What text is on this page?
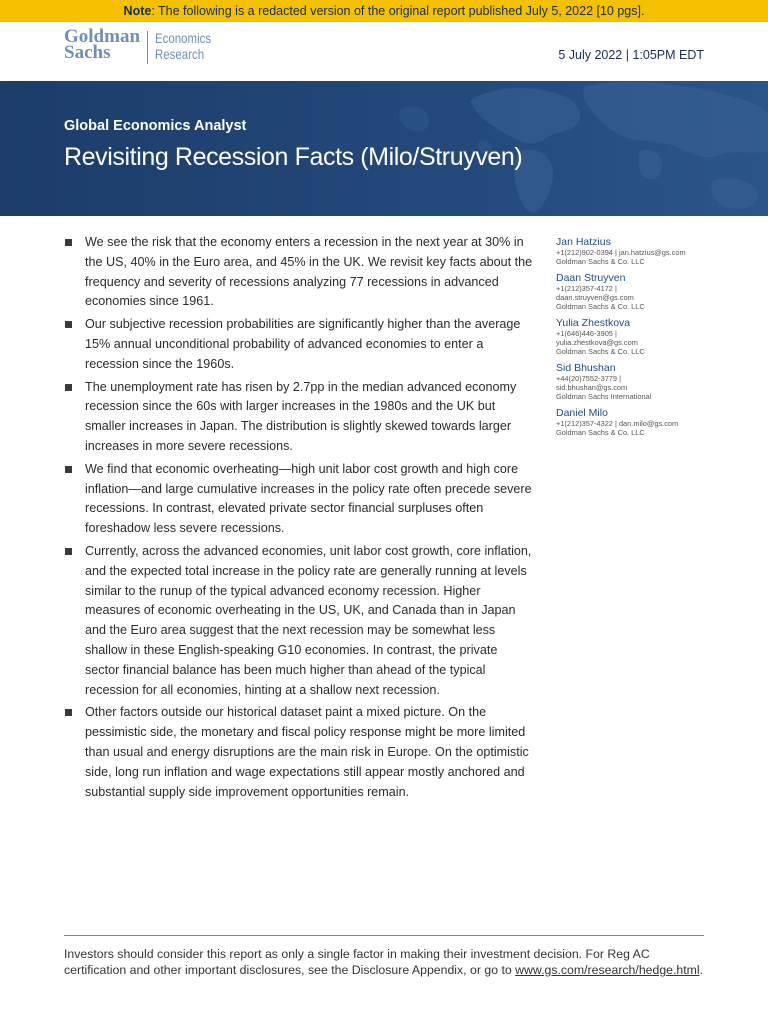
Note: The following is a redacted version of the original report published July 5, 2022 [10 pgs].
Goldman
Sachs
Economics
Research	5 July 2022 | 1:05PM EDT
Global Economics Analyst
Revisiting Recession Facts (Milo/Struyven)
We see the risk that the economy enters a recession in the next year at 30% in the US, 40% in the Euro area, and 45% in the UK. We revisit key facts about the frequency and severity of recessions analyzing 77 recessions in advanced economies since 1961.
Our subjective recession probabilities are significantly higher than the average 15% annual unconditional probability of advanced economies to enter a recession since the 1960s.
The unemployment rate has risen by 2.7pp in the median advanced economy recession since the 60s with larger increases in the 1980s and the UK but smaller increases in Japan. The distribution is slightly skewed towards larger increases in more severe recessions.
We find that economic overheating—high unit labor cost growth and high core inflation—and large cumulative increases in the policy rate often precede severe recessions. In contrast, elevated private sector financial surpluses often foreshadow less severe recessions.
Currently, across the advanced economies, unit labor cost growth, core inflation, and the expected total increase in the policy rate are generally running at levels similar to the runup of the typical advanced economy recession. Higher measures of economic overheating in the US, UK, and Canada than in Japan and the Euro area suggest that the next recession may be somewhat less shallow in these English-speaking G10 economies. In contrast, the private sector financial balance has been much higher than ahead of the typical recession for all economies, hinting at a shallow next recession.
Other factors outside our historical dataset paint a mixed picture. On the pessimistic side, the monetary and fiscal policy response might be more limited than usual and energy disruptions are the main risk in Europe. On the optimistic side, long run inflation and wage expectations still appear mostly anchored and substantial supply side improvement opportunities remain.
Jan Hatzius
+1(212)902-0394 | jan.hatzius@gs.com
Goldman Sachs & Co. LLC
Daan Struyven
+1(212)357-4172 |
daan.struyven@gs.com
Goldman Sachs & Co. LLC
Yulia Zhestkova
+1(646)446-3905 |
yulia.zhestkova@gs.com
Goldman Sachs & Co. LLC
Sid Bhushan
+44(20)7552-3779 |
sid.bhushan@gs.com
Goldman Sachs International
Daniel Milo
+1(212)357-4322 | dan.milo@gs.com
Goldman Sachs & Co. LLC
Investors should consider this report as only a single factor in making their investment decision. For Reg AC certification and other important disclosures, see the Disclosure Appendix, or go to www.gs.com/research/hedge.html.
